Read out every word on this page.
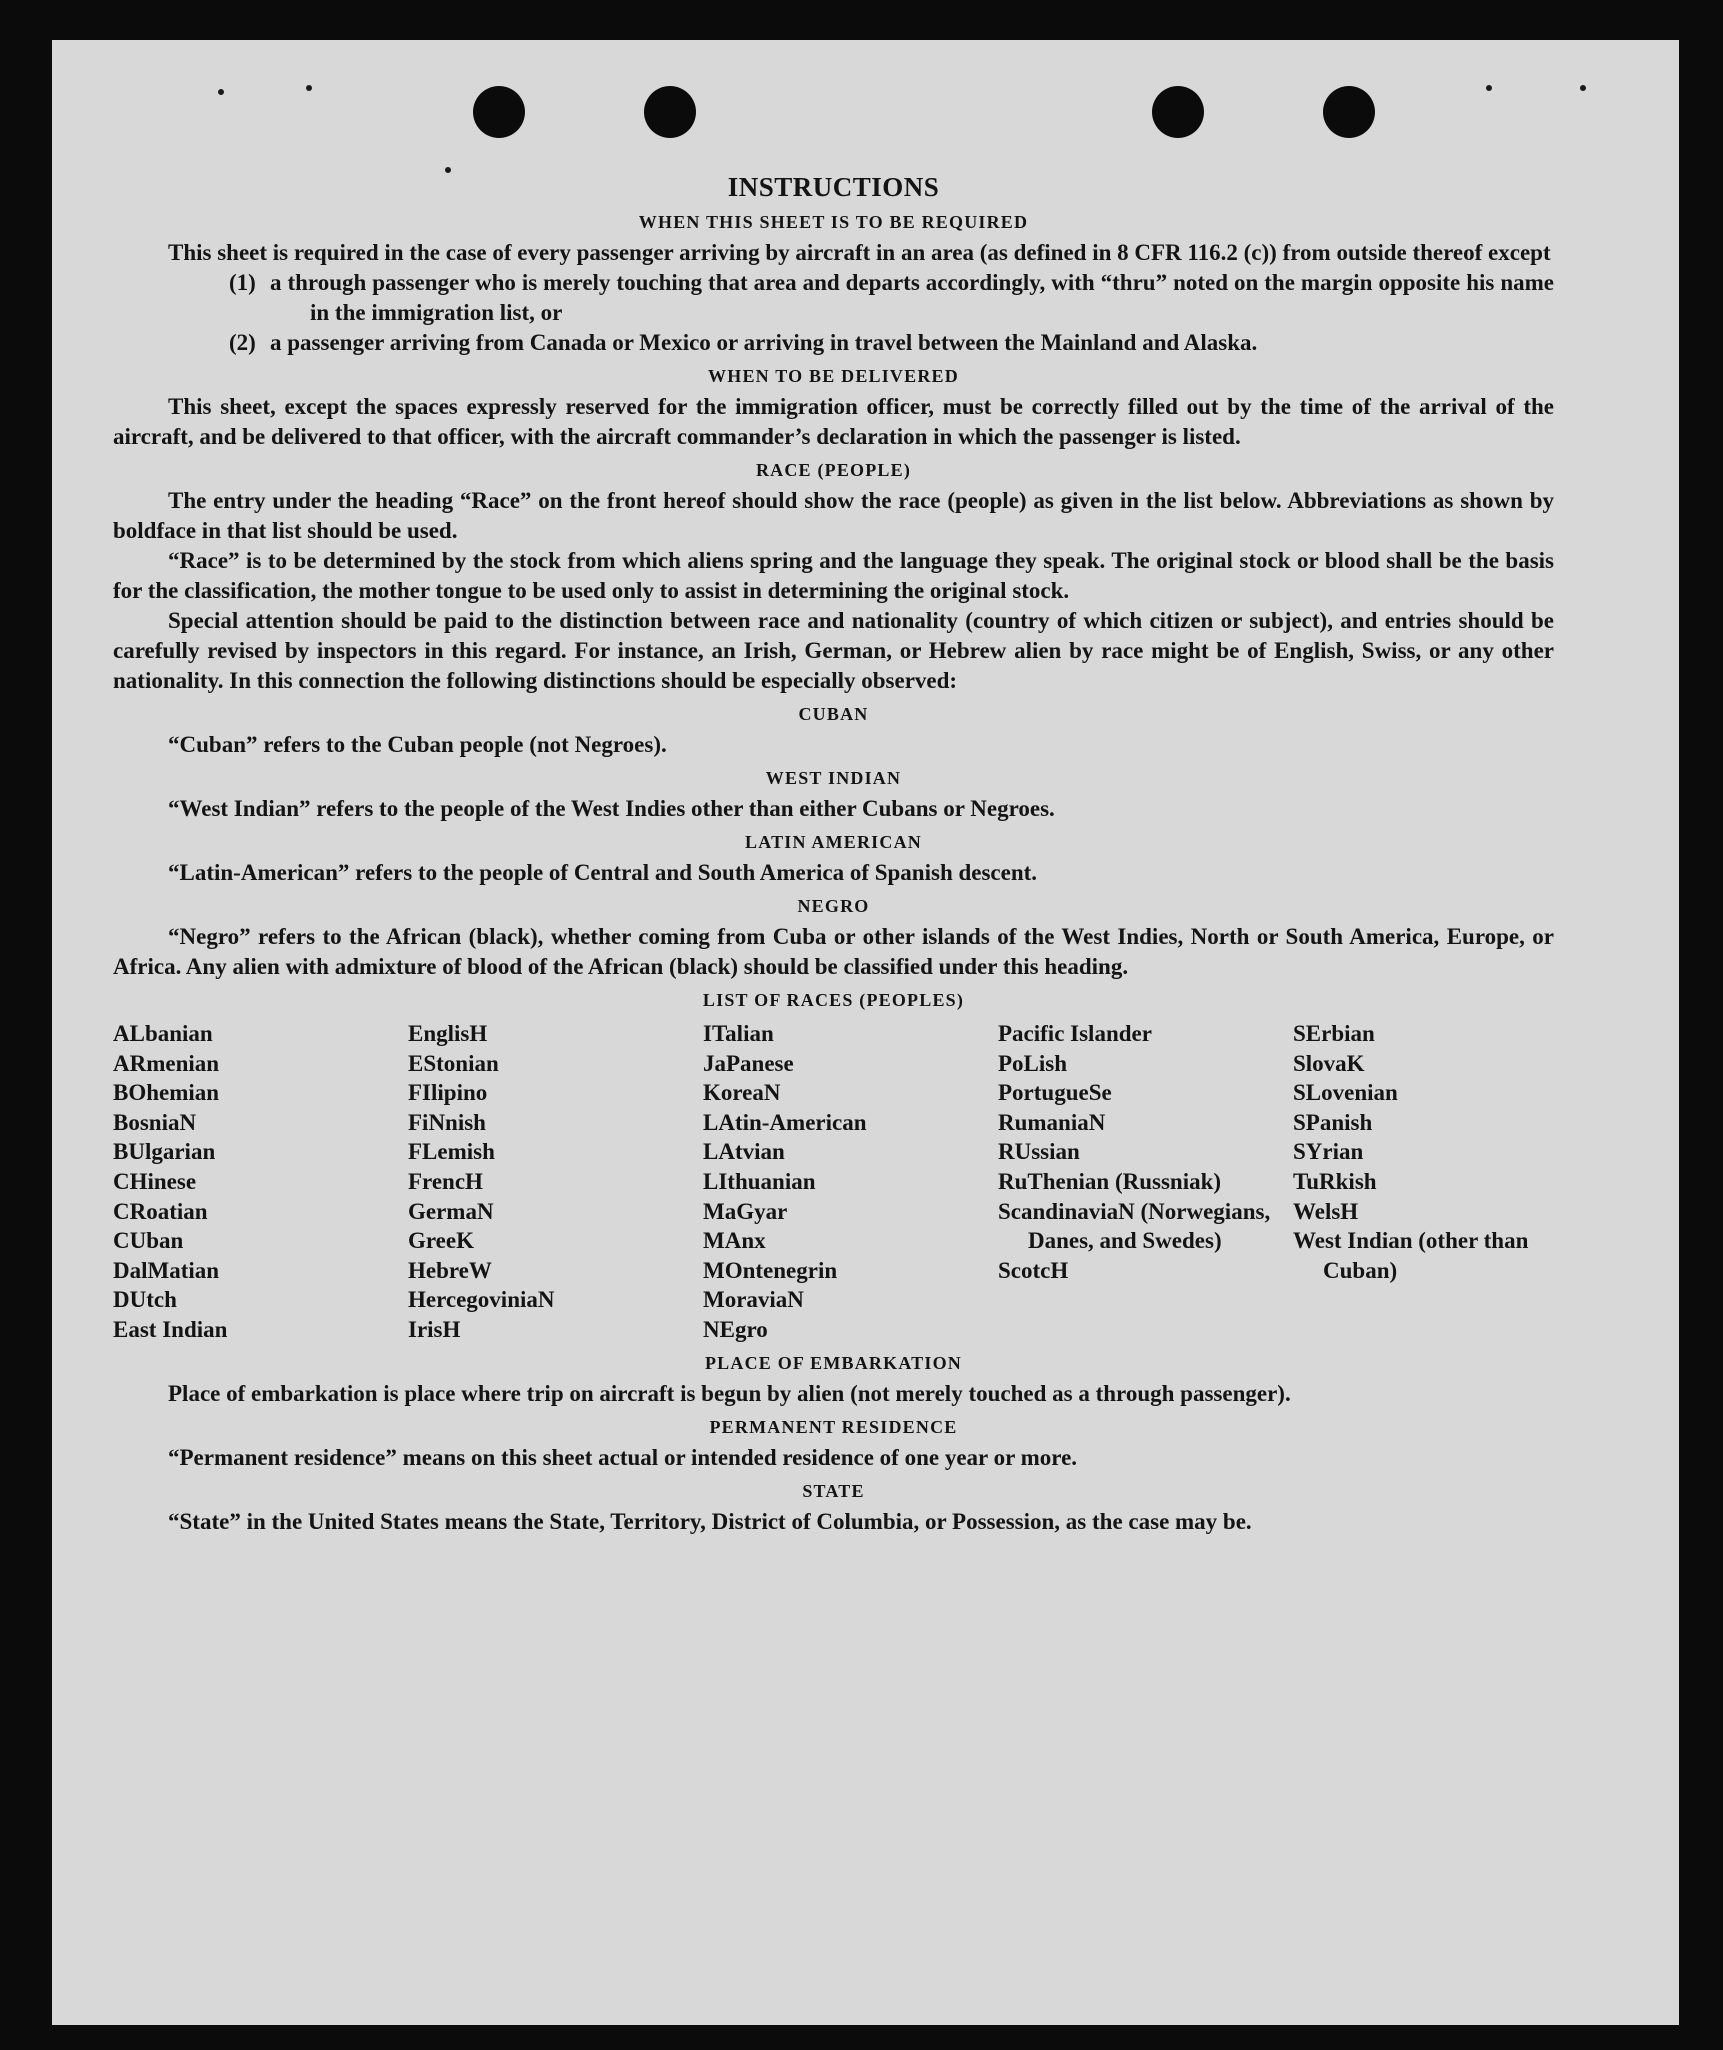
INSTRUCTIONS
WHEN THIS SHEET IS TO BE REQUIRED

This sheet is required in the case of every passenger arriving by aircraft in an area (as defined in 8 CFR 116.2 (c)) from outside thereof except

(1) a through passenger who is merely touching that area and departs accordingly, with “thru” noted on the margin opposite his name in the immigration list, or
(2) a passenger arriving from Canada or Mexico or arriving in travel between the Mainland and Alaska.
WHEN TO BE DELIVERED

This sheet, except the spaces expressly reserved for the immigration officer, must be correctly filled out by the time of the arrival of the aircraft, and be delivered to that officer, with the aircraft commander’s declaration in which the passenger is listed.

RACE (PEOPLE)

The entry under the heading “Race” on the front hereof should show the race (people) as given in the list below. Abbreviations as shown by boldface in that list should be used.

“Race” is to be determined by the stock from which aliens spring and the language they speak. The original stock or blood shall be the basis for the classification, the mother tongue to be used only to assist in determining the original stock.

Special attention should be paid to the distinction between race and nationality (country of which citizen or subject), and entries should be carefully revised by inspectors in this regard. For instance, an Irish, German, or Hebrew alien by race might be of English, Swiss, or any other nationality. In this connection the following distinctions should be especially observed:

CUBAN

“Cuban” refers to the Cuban people (not Negroes).

WEST INDIAN

“West Indian” refers to the people of the West Indies other than either Cubans or Negroes.

LATIN AMERICAN

“Latin-American” refers to the people of Central and South America of Spanish descent.

NEGRO

“Negro” refers to the African (black), whether coming from Cuba or other islands of the West Indies, North or South America, Europe, or Africa. Any alien with admixture of blood of the African (black) should be classified under this heading.

LIST OF RACES (PEOPLES)
ALbanian
ARmenian
BOhemian
BosniaN
BUlgarian
CHinese
CRoatian
CUban
DalMatian
DUtch
East Indian
EnglisH
EStonian
FIlipino
FiNnish
FLemish
FrencH
GermaN
GreeK
HebreW
HercegoviniaN
IrisH
ITalian
JaPanese
KoreaN
LAtin-American
LAtvian
LIthuanian
MaGyar
MAnx
MOntenegrin
MoraviaN
NEgro
Pacific Islander
PoLish
PortugueSe
RumaniaN
RUssian
RuThenian (Russniak)
ScandinaviaN (Norwegians, Danes, and Swedes)
ScotcH
SErbian
SlovaK
SLovenian
SPanish
SYrian
TuRkish
WelsH
West Indian (other than Cuban)
PLACE OF EMBARKATION

Place of embarkation is place where trip on aircraft is begun by alien (not merely touched as a through passenger).

PERMANENT RESIDENCE

“Permanent residence” means on this sheet actual or intended residence of one year or more.

STATE

“State” in the United States means the State, Territory, District of Columbia, or Possession, as the case may be.
